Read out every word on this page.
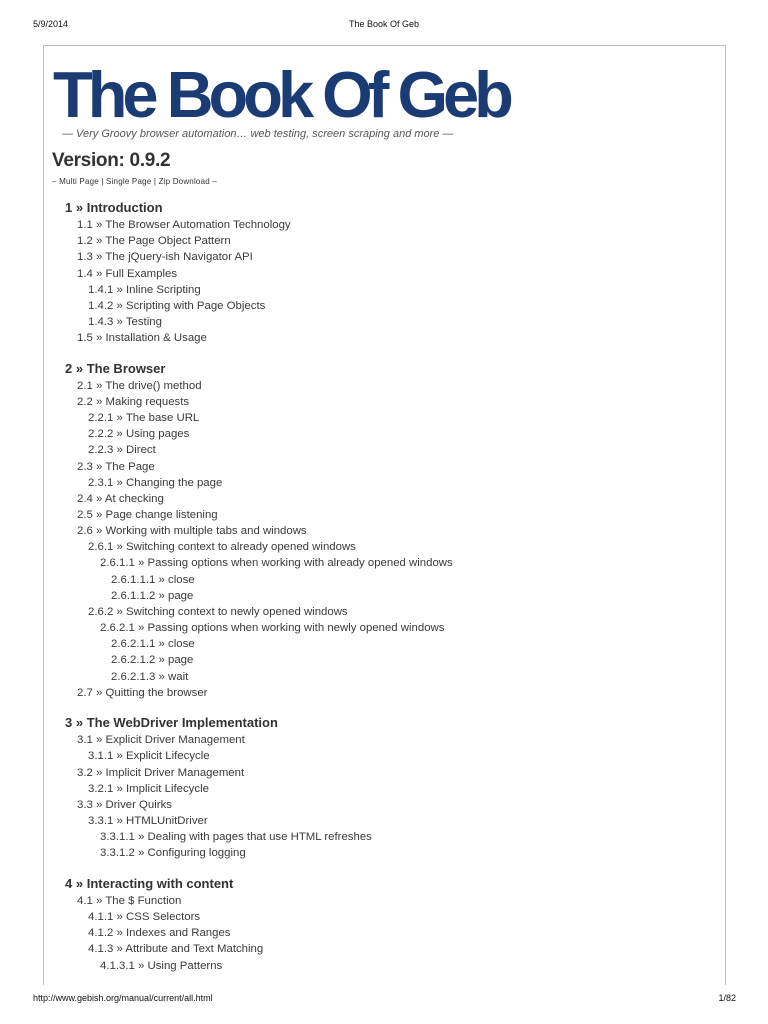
5/9/2014	The Book Of Geb
The Book Of Geb
— Very Groovy browser automation… web testing, screen scraping and more —
Version: 0.9.2
– Multi Page | Single Page | Zip Download –
1 » Introduction
1.1 » The Browser Automation Technology
1.2 » The Page Object Pattern
1.3 » The jQuery-ish Navigator API
1.4 » Full Examples
1.4.1 » Inline Scripting
1.4.2 » Scripting with Page Objects
1.4.3 » Testing
1.5 » Installation & Usage
2 » The Browser
2.1 » The drive() method
2.2 » Making requests
2.2.1 » The base URL
2.2.2 » Using pages
2.2.3 » Direct
2.3 » The Page
2.3.1 » Changing the page
2.4 » At checking
2.5 » Page change listening
2.6 » Working with multiple tabs and windows
2.6.1 » Switching context to already opened windows
2.6.1.1 » Passing options when working with already opened windows
2.6.1.1.1 » close
2.6.1.1.2 » page
2.6.2 » Switching context to newly opened windows
2.6.2.1 » Passing options when working with newly opened windows
2.6.2.1.1 » close
2.6.2.1.2 » page
2.6.2.1.3 » wait
2.7 » Quitting the browser
3 » The WebDriver Implementation
3.1 » Explicit Driver Management
3.1.1 » Explicit Lifecycle
3.2 » Implicit Driver Management
3.2.1 » Implicit Lifecycle
3.3 » Driver Quirks
3.3.1 » HTMLUnitDriver
3.3.1.1 » Dealing with pages that use HTML refreshes
3.3.1.2 » Configuring logging
4 » Interacting with content
4.1 » The $ Function
4.1.1 » CSS Selectors
4.1.2 » Indexes and Ranges
4.1.3 » Attribute and Text Matching
4.1.3.1 » Using Patterns
http://www.gebish.org/manual/current/all.html	1/82
